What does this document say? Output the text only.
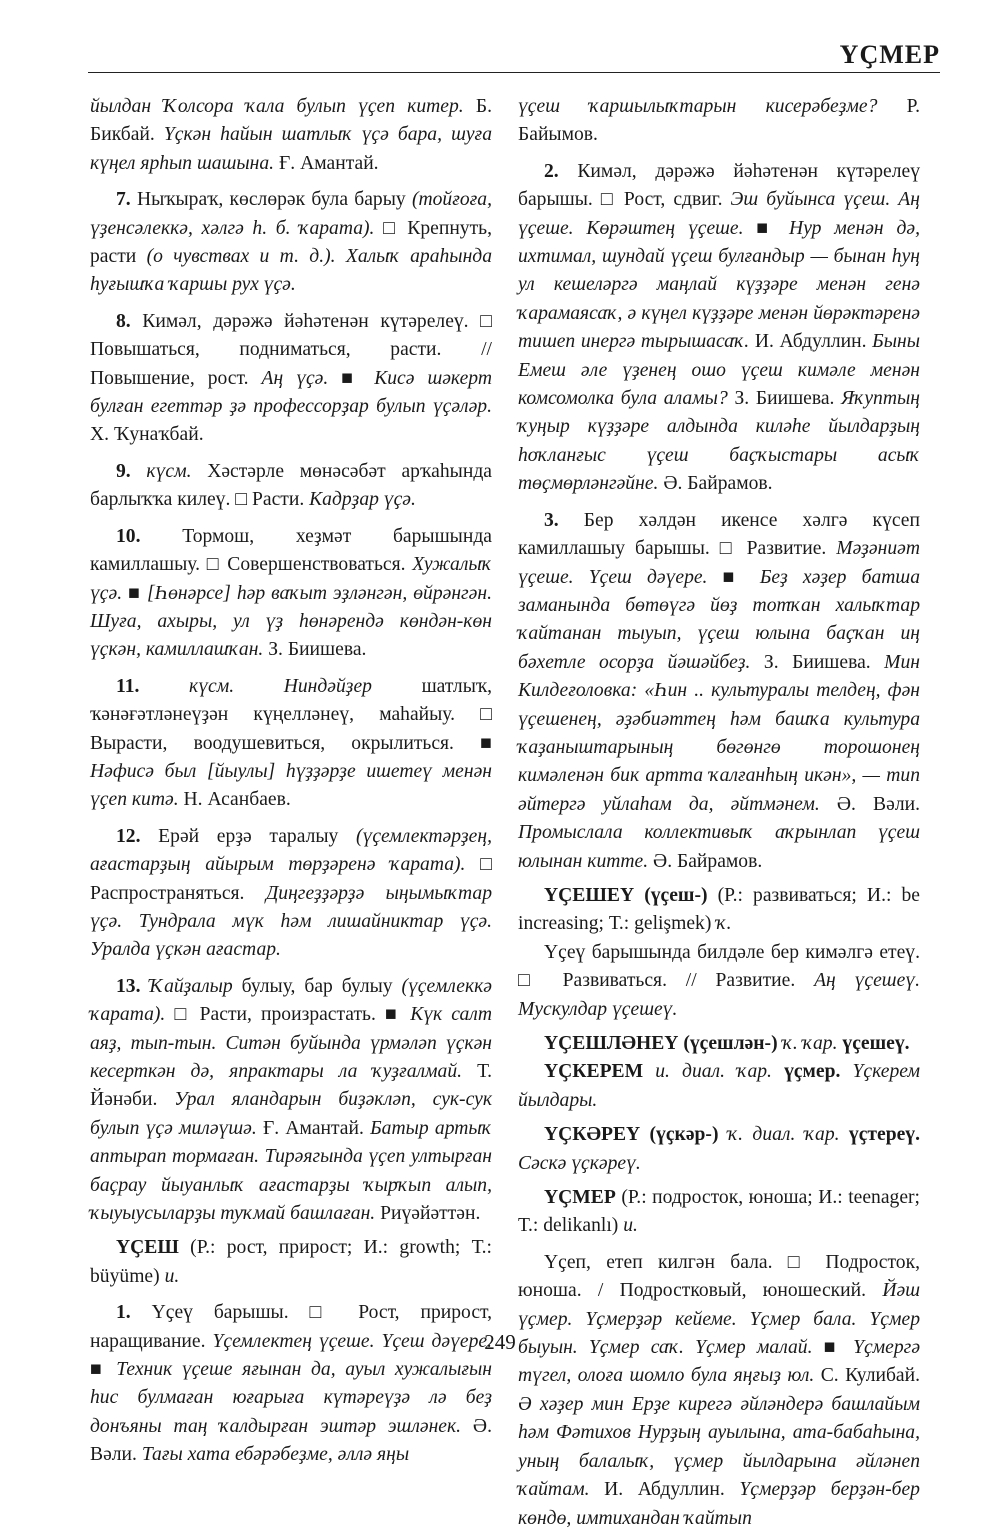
ҮҪМЕР

йылдан Ҡолсора ҡала булып үҫеп китер. Б. Бикбай. Үҫкән һайын шатлыҡ үҫә бара, шуға күңел ярһып шашына. Ғ. Амантай.

7. Ныҡыраҡ, көслөрәк була барыу (тойғоға, үҙенсәлеккә, хәлгә һ. б. ҡарата). □ Крепнуть, расти (о чувствах и т. д.). Халыҡ араһында һуғышҡа ҡаршы рух үҫә.

8. Кимәл, дәрәжә йәһәтенән күтәрелеү. □ Повышаться, подниматься, расти. // Повышение, рост. Аң үҫә. ■ Кисә шәкерт булған егеттәр ҙә профессорҙар булып үҫәләр. Х. Ҡунаҡбай.

9. күсм. Хәстәрле мөнәсәбәт арҡаһында барлыҡҡа килеү. □ Расти. Кадрҙар үҫә.

10. Тормош, хеҙмәт барышында камиллашыу. □ Совершенствоваться. Хужалыҡ үҫә. ■ [Һөнәрсе] һәр ваҡыт эҙләнгән, өйрәнгән. Шуға, ахыры, ул үҙ һөнәрендә көндән-көн үҫкән, камиллашҡан. З. Биишева.

11.	күсм. Ниндәйҙер шатлыҡ, ҡәнәғәтләнеүҙән күңелләнеү, маһайыу. □ Вырасти, воодушевиться, окрылиться. ■ Нәфисә был [йыулы] һүҙҙәрҙе ишетеү менән үҫеп китә. Н. Асанбаев.

12. Ерәй ерҙә таралыу (үҫемлектәрҙең, ағастарҙың айырым төрҙәренә ҡарата). □ Распространяться. Диңгеҙҙәрҙә ыңымыҡтар үҫә. Тундрала мүк һәм лишайниктар үҫә. Уралда үҫкән ағастар.

13. Ҡайҙалыр булыу, бар булыу (үҫемлеккә ҡарата). □ Расти, произрастать. ■ Күк салт аяҙ, тып-тын. Ситән буйында үрмәләп үҫкән кесерткән дә, япрактары ла ҡуҙғалмай. Т. Йәнәби. Урал яландарын биҙәкләп, сук-сук булып үҫә миләүшә. Ғ. Амантай. Батыр артыҡ аптырап тормаған. Тирәягында үҫеп ултырған баҫрау йыуанлыҡ ағастарҙы ҡырҡып алып, ҡыуыусыларҙы туҡмай башлаған. Риүәйәттән.

ҮҪЕШ (Р.: рост, прирост; И.: growth; Т.: büyüme) и.

1. Үҫеү барышы. □ Рост, прирост, наращивание. Үҫемлектең үҫеше. Үҫеш дәүере. ■ Техник үҫеше яғынан да, ауыл хужалығын һис булмаған юғарыға күтәреүҙә лә беҙ донъяны таң ҡалдырған эштәр эшләнек. Ә. Вәли. Тағы хата ебәрәбеҙме, әллә яңы

үҫеш ҡаршылыҡтарын кисерәбеҙме? Р. Байымов.

2. Кимәл, дәрәжә йәһәтенән күтәрелеү барышы. □ Рост, сдвиг. Эш буйынса үҫеш. Аң үҫеше. Көрәштең үҫеше. ■ Нур менән дә, ихтимал, шундай үҫеш булғандыр — бынан һуң ул кешеләргә маңлай күҙҙәре менән генә ҡарамаясаҡ, ә күңел күҙҙәре менән йөрәктәренә тишеп инергә тырышасаҡ. И. Абдуллин. Быны Емеш әле үҙенең ошо үҫеш кимәле менән комсомолка була аламы? З. Биишева. Яҡуптың ҡуңыр күҙҙәре алдында киләһе йылдарҙың һоҡланғыс үҫеш баҫҡыстары асыҡ төҫмөрләнгәйне. Ә. Байрамов.

3. Бер хәлдән икенсе хәлгә күсеп камиллашыу барышы. □ Развитие. Мәҙәниәт үҫеше. Үҫеш дәүере. ■ Беҙ хәҙер батша заманында бөтөүгә йөҙ тотҡан халыҡтар ҡайтанан тыуып, үҫеш юлына баҫҡан иң бәхетле осорҙа йәшәйбеҙ. З. Биишева. Мин Килдеғоловка: «Һин .. культуралы телдең, фән үҫешенең, әҙәбиәттең һәм башҡа культура ҡаҙаныштарының бөгөнгө торошонең кимәленән бик артта ҡалғанһың икән», — тип әйтергә уйлаһам да, әйтмәнем. Ә. Вәли. Промыслала коллективыҡ аҡрынлап үҫеш юлынан китте. Ә. Байрамов.

ҮҪЕШЕҮ (үҫеш-) (Р.: развиваться; И.: be increasing; Т.: gelişmek) ҡ.

Үҫеү барышында билдәле бер кимәлгә етеү. □ Развиваться. // Развитие. Аң үҫешеү. Мускулдар үҫешеү.

ҮҪЕШЛӘНЕҮ (үҫешлән-) ҡ. ҡар. үҫешеү.

ҮҪКЕРЕМ и. диал. ҡар. үҫмер. Үҫкерем йылдары.

ҮҪКӘРЕҮ (үҫкәр-) ҡ. диал. ҡар. үҫтереү. Сәскә үҫкәреү.

ҮҪМЕР (Р.: подросток, юноша; И.: teenager; Т.: delikanlı) и.

Үҫеп, етеп килгән бала. □ Подросток, юноша. / Подростковый, юношеский. Йәш үҫмер. Үҫмерҙәр кейеме. Үҫмер бала. Үҫмер быуын. Үҫмер саҡ. Үҫмер малай. ■ Үҫмергә түгел, олоға шомло була яңғыҙ юл. С. Кулибай. Ә хәҙер мин Ерҙе кирегә әйләндерә башлайым һәм Фәтихов Нурҙың ауылына, ата-бабаһына, уның балалыҡ, үҫмер йылдарына әйләнеп ҡайтам. И. Абдуллин. Үҫмерҙәр берҙән-бер көндө, имтихандан ҡайтып

249
